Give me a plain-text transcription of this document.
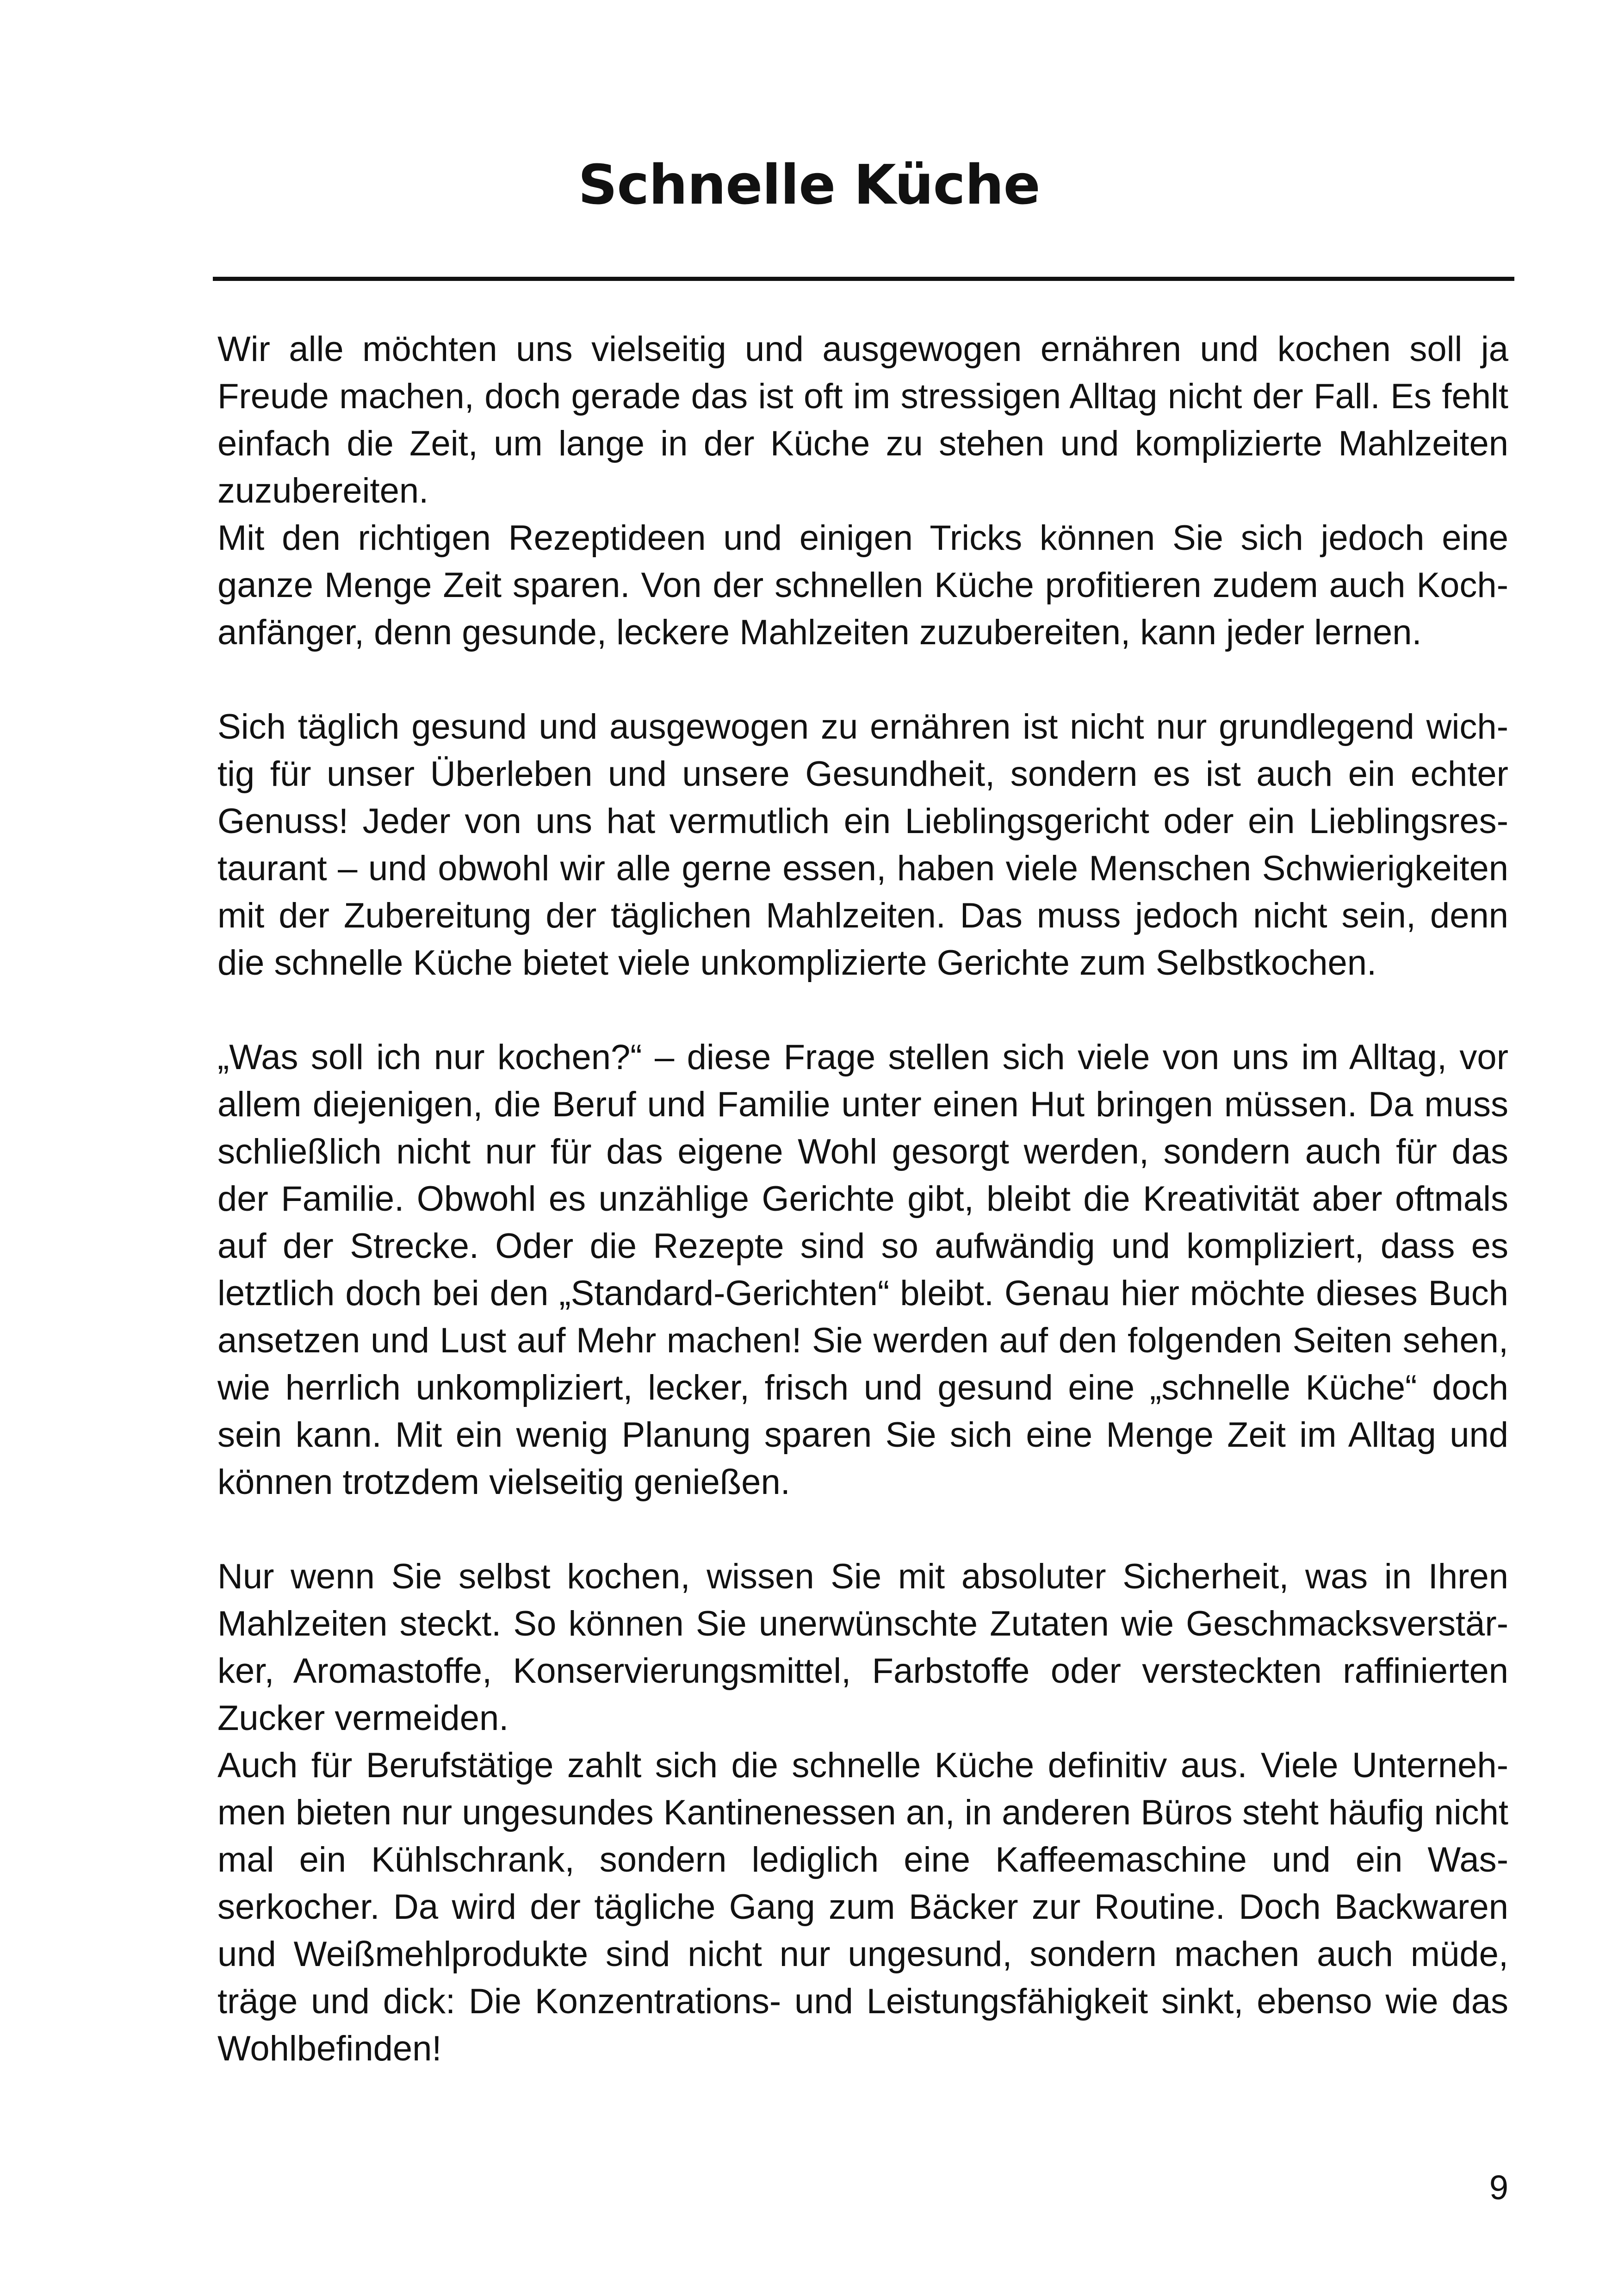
Schnelle Küche

Wir alle möchten uns vielseitig und ausgewogen ernähren und kochen soll ja Freude machen, doch gerade das ist oft im stressigen Alltag nicht der Fall. Es fehlt einfach die Zeit, um lange in der Küche zu stehen und komplizierte Mahlzeiten zuzubereiten.

Mit den richtigen Rezeptideen und einigen Tricks können Sie sich jedoch eine ganze Menge Zeit sparen. Von der schnellen Küche profitieren zudem auch Kochanfänger, denn gesunde, leckere Mahlzeiten zuzubereiten, kann jeder lernen.

Sich täglich gesund und ausgewogen zu ernähren ist nicht nur grundlegend wichtig für unser Überleben und unsere Gesundheit, sondern es ist auch ein echter Genuss! Jeder von uns hat vermutlich ein Lieblingsgericht oder ein Lieblingsrestaurant – und obwohl wir alle gerne essen, haben viele Menschen Schwierigkeiten mit der Zubereitung der täglichen Mahlzeiten. Das muss jedoch nicht sein, denn die schnelle Küche bietet viele unkomplizierte Gerichte zum Selbstkochen.

„Was soll ich nur kochen?“ – diese Frage stellen sich viele von uns im Alltag, vor allem diejenigen, die Beruf und Familie unter einen Hut bringen müssen. Da muss schließlich nicht nur für das eigene Wohl gesorgt werden, sondern auch für das der Familie. Obwohl es unzählige Gerichte gibt, bleibt die Kreativität aber oftmals auf der Strecke. Oder die Rezepte sind so aufwändig und kompliziert, dass es letztlich doch bei den „Standard-Gerichten“ bleibt. Genau hier möchte dieses Buch ansetzen und Lust auf Mehr machen! Sie werden auf den folgenden Seiten sehen, wie herrlich unkompliziert, lecker, frisch und gesund eine „schnelle Küche“ doch sein kann. Mit ein wenig Planung sparen Sie sich eine Menge Zeit im Alltag und können trotzdem vielseitig genießen.

Nur wenn Sie selbst kochen, wissen Sie mit absoluter Sicherheit, was in Ihren Mahlzeiten steckt. So können Sie unerwünschte Zutaten wie Geschmacksverstärker, Aromastoffe, Konservierungsmittel, Farbstoffe oder versteckten raffinierten Zucker vermeiden.

Auch für Berufstätige zahlt sich die schnelle Küche definitiv aus. Viele Unternehmen bieten nur ungesundes Kantinenessen an, in anderen Büros steht häufig nicht mal ein Kühlschrank, sondern lediglich eine Kaffeemaschine und ein Wasserkocher. Da wird der tägliche Gang zum Bäcker zur Routine. Doch Backwaren und Weißmehlprodukte sind nicht nur ungesund, sondern machen auch müde, träge und dick: Die Konzentrations- und Leistungsfähigkeit sinkt, ebenso wie das Wohlbefinden!

9
